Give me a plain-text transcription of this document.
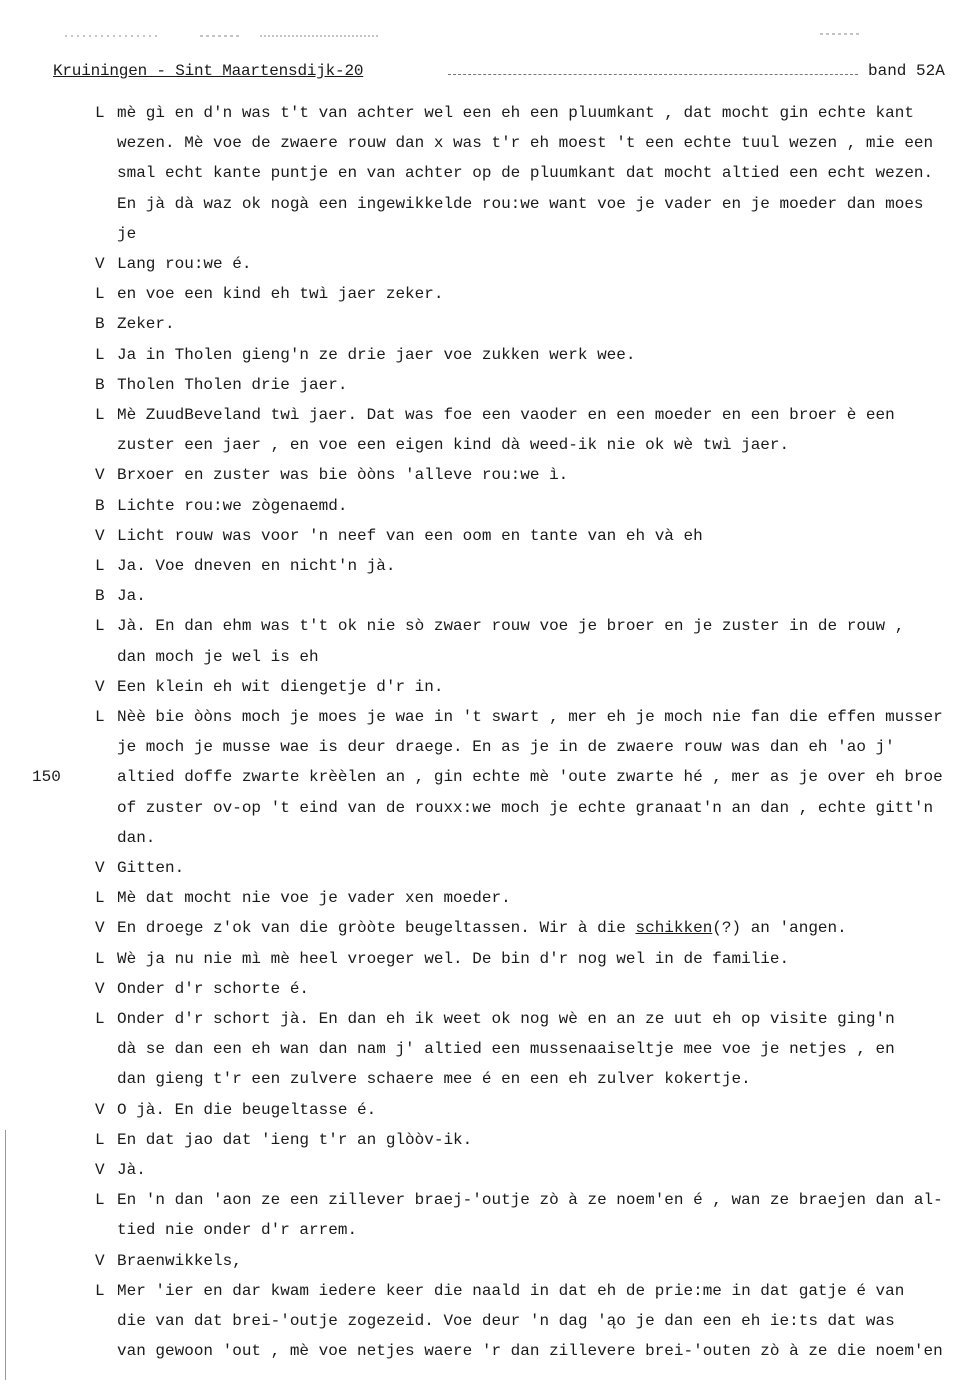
Kruiningen - Sint Maartensdijk-20	band 52A
L mè gì en d'n was t't van achter wel een eh een pluumkant , dat mocht gin echte kant
wezen. Mè voe de zwaere rouw dan x was t'r eh moest 't een echte tuul wezen , mie een
smal echt kante puntje en van achter op de pluumkant dat mocht altied een echt wezen.
En jà dà waz ok nogà een ingewikkelde rou:we want voe je vader en je moeder dan moes
je
V Lang rou:we é.
L en voe een kind eh twì jaer zeker.
B Zeker.
L Ja in Tholen gieng'n ze drie jaer voe zukken werk wee.
B Tholen Tholen drie jaer.
L Mè ZuudBeveland twì jaer. Dat was foe een vaoder en een moeder en een broer è een
zuster een jaer , en voe een eigen kind dà weed-ik nie ok wè twì jaer.
V Brxoer en zuster was bie òòns 'alleve rou:we ì.
B Lichte rou:we zògenaemd.
V Licht rouw was voor 'n neef van een oom en tante van eh và eh
L Ja. Voe dneven en nicht'n jà.
B Ja.
L Jà. En dan ehm was t't ok nie sò zwaer rouw voe je broer en je zuster in de rouw ,
dan moch je wel is eh
V Een klein eh wit diengetje d'r in.
L Nèè bie òòns moch je moes je wae in 't swart , mer eh je moch nie fan die effen musser
je moch je musse wae is deur draege. En as je in de zwaere rouw was dan eh 'ao j'
altied doffe zwarte krèèlen an , gin echte mè 'oute zwarte hé , mer as je over eh broe
150
of zuster ov-op 't eind van de rouxx:we moch je echte granaat'n an dan , echte gitt'n
dan.
V Gitten.
L Mè dat mocht nie voe je vader xen moeder.
V En droege z'ok van die gròòte beugeltassen. Wir à die schikken(?) an 'angen.
L Wè ja nu nie mì mè heel vroeger wel. De bin d'r nog wel in de familie.
V Onder d'r schorte é.
L Onder d'r schort jà. En dan eh ik weet ok nog wè en an ze uut eh op visite ging'n
dà se dan een eh wan dan nam j' altied een mussenaaiseltje mee voe je netjes , en
dan gieng t'r een zulvere schaere mee é en een eh zulver kokertje.
V O jà. En die beugeltasse é.
L En dat jao dat 'ieng t'r an glòòv-ik.
V Jà.
L En 'n dan 'aon ze een zillever braej-'outje zò à ze noem'en é , wan ze braejen dan al-
tied nie onder d'r arrem.
V Braenwikkels,
L Mer 'ier en dar kwam iedere keer die naald in dat eh de prie:me in dat gatje é van
die van dat brei-'outje zogezeid. Voe deur 'n dag 'ąo je dan een eh ie:ts dat was
van gewoon 'out , mè voe netjes waere 'r dan zillevere brei-'outen zò à ze die noem'en
